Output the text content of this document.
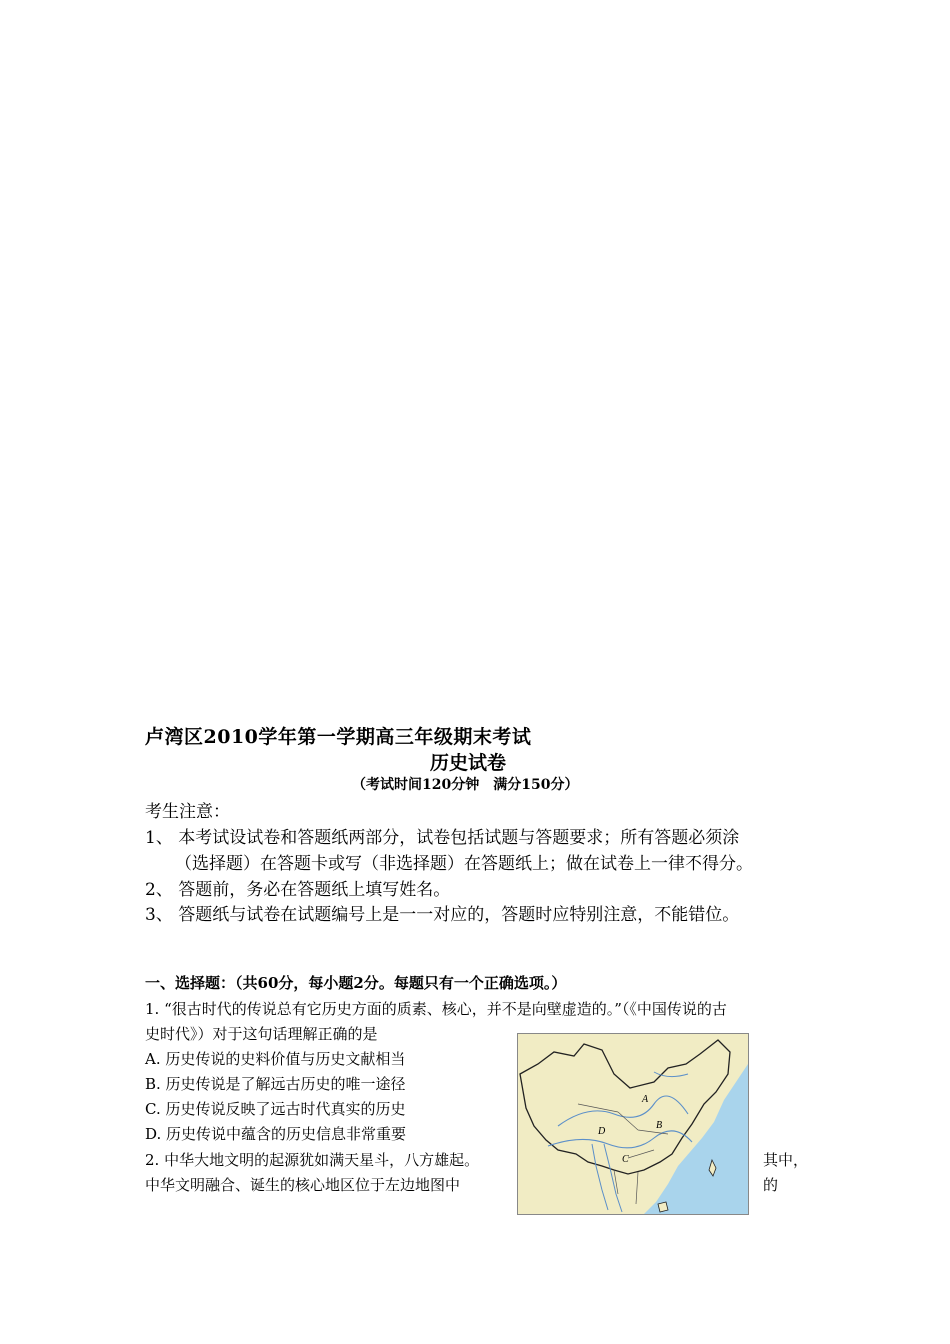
卢湾区2010学年第一学期高三年级期末考试
历史试卷
（考试时间120分钟　满分150分）
考生注意：
1、 本考试设试卷和答题纸两部分，试卷包括试题与答题要求；所有答题必须涂
（选择题）在答题卡或写（非选择题）在答题纸上；做在试卷上一律不得分。
2、 答题前，务必在答题纸上填写姓名。
3、 答题纸与试卷在试题编号上是一一对应的，答题时应特别注意，不能错位。
一、选择题：（共60分，每小题2分。每题只有一个正确选项。）
1. “很古时代的传说总有它历史方面的质素、核心，并不是向壁虚造的。”（《中国传说的古
史时代》）对于这句话理解正确的是
A. 历史传说的史料价值与历史文献相当
B. 历史传说是了解远古历史的唯一途径
C. 历史传说反映了远古时代真实的历史
D. 历史传说中蕴含的历史信息非常重要
2. 中华大地文明的起源犹如满天星斗，八方雄起。	其中，
中华文明融合、诞生的核心地区位于左边地图中	的
A
B
C
D
